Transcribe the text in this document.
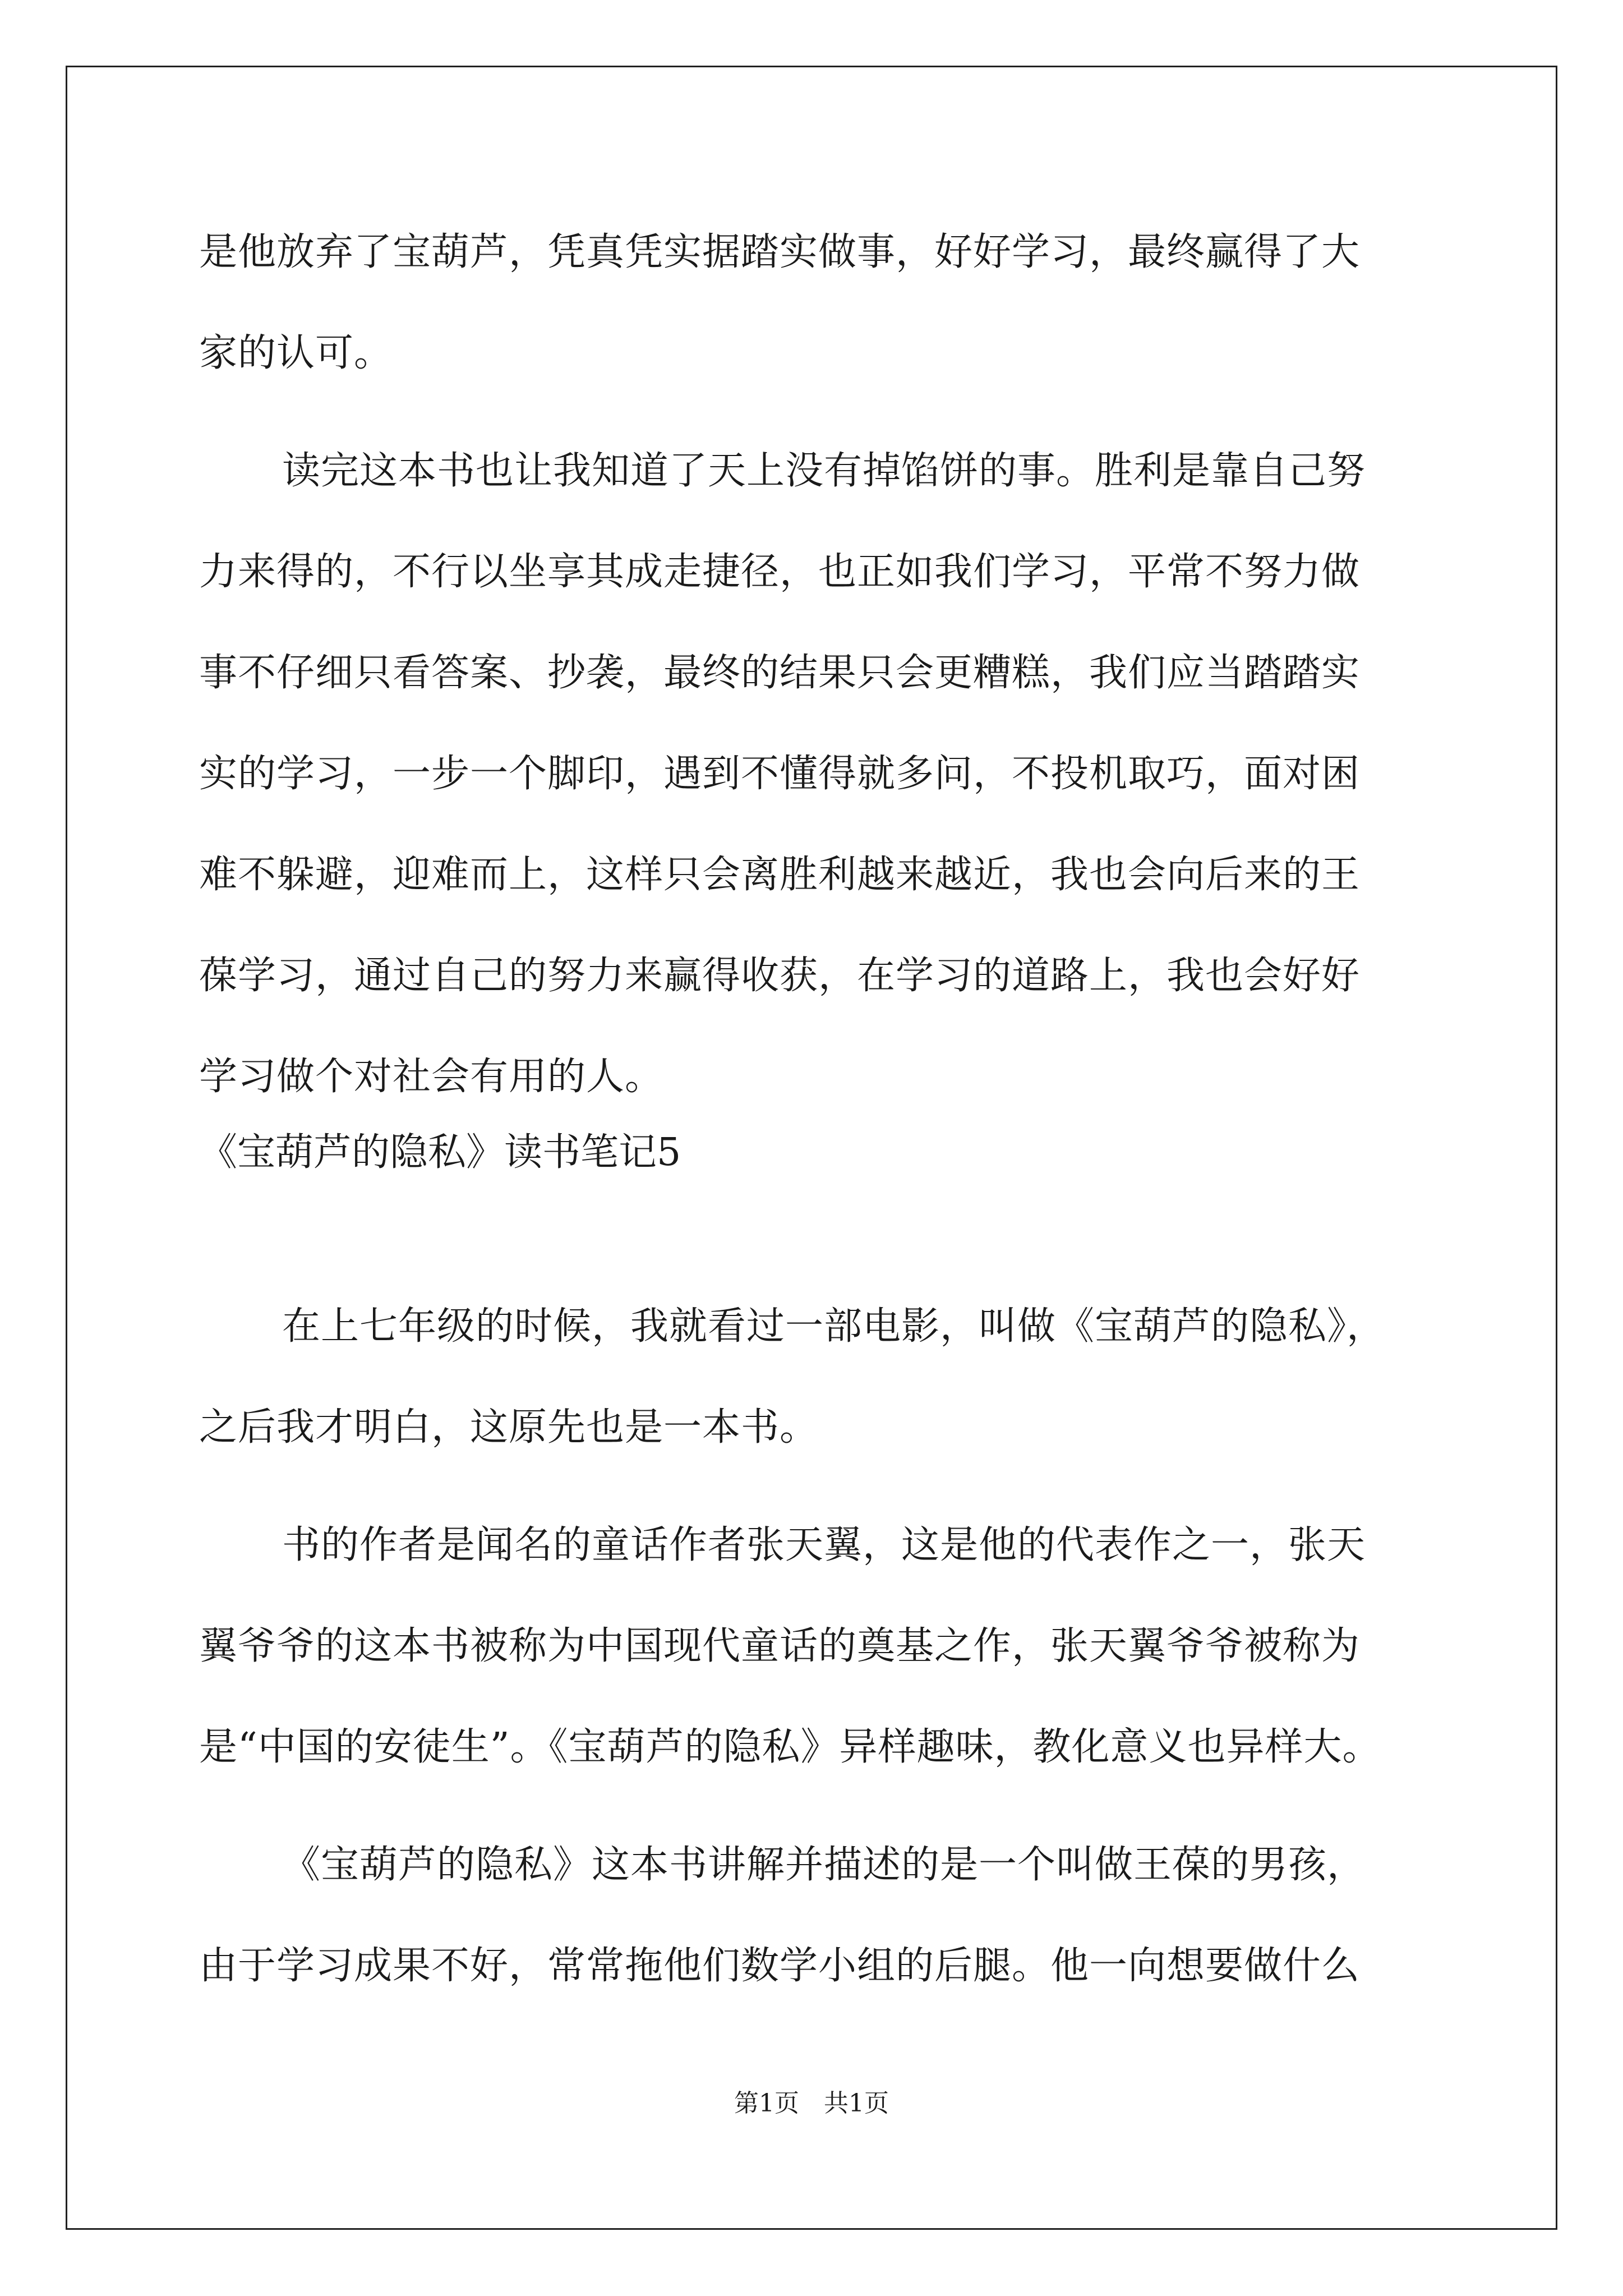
是他放弃了宝葫芦，凭真凭实据踏实做事，好好学习，最终赢得了大
家的认可。
读完这本书也让我知道了天上没有掉馅饼的事。胜利是靠自己努
力来得的，不行以坐享其成走捷径，也正如我们学习，平常不努力做
事不仔细只看答案、抄袭，最终的结果只会更糟糕，我们应当踏踏实
实的学习，一步一个脚印，遇到不懂得就多问，不投机取巧，面对困
难不躲避，迎难而上，这样只会离胜利越来越近，我也会向后来的王
葆学习，通过自己的努力来赢得收获，在学习的道路上，我也会好好
学习做个对社会有用的人。
《宝葫芦的隐私》读书笔记5
在上七年级的时候，我就看过一部电影，叫做《宝葫芦的隐私》，
之后我才明白，这原先也是一本书。
书的作者是闻名的童话作者张天翼，这是他的代表作之一，张天
翼爷爷的这本书被称为中国现代童话的奠基之作，张天翼爷爷被称为
是“中国的安徒生”。《宝葫芦的隐私》异样趣味，教化意义也异样大。
《宝葫芦的隐私》这本书讲解并描述的是一个叫做王葆的男孩，
由于学习成果不好，常常拖他们数学小组的后腿。他一向想要做什么
第1页　共1页
